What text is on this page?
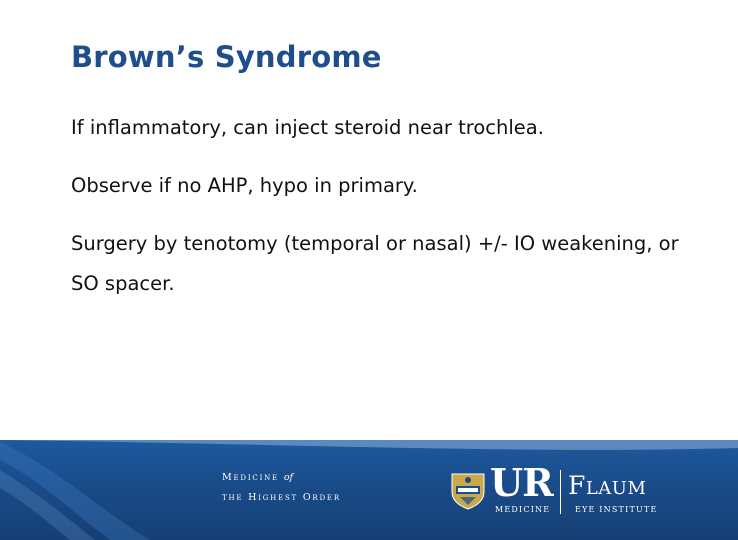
Brown’s Syndrome

If inflammatory, can inject steroid near trochlea.

Observe if no AHP, hypo in primary.

Surgery by tenotomy (temporal or nasal) +/- IO weakening, or SO spacer.

Medicine of
the Highest Order	UR Flaum
MEDICINE	EYE INSTITUTE
